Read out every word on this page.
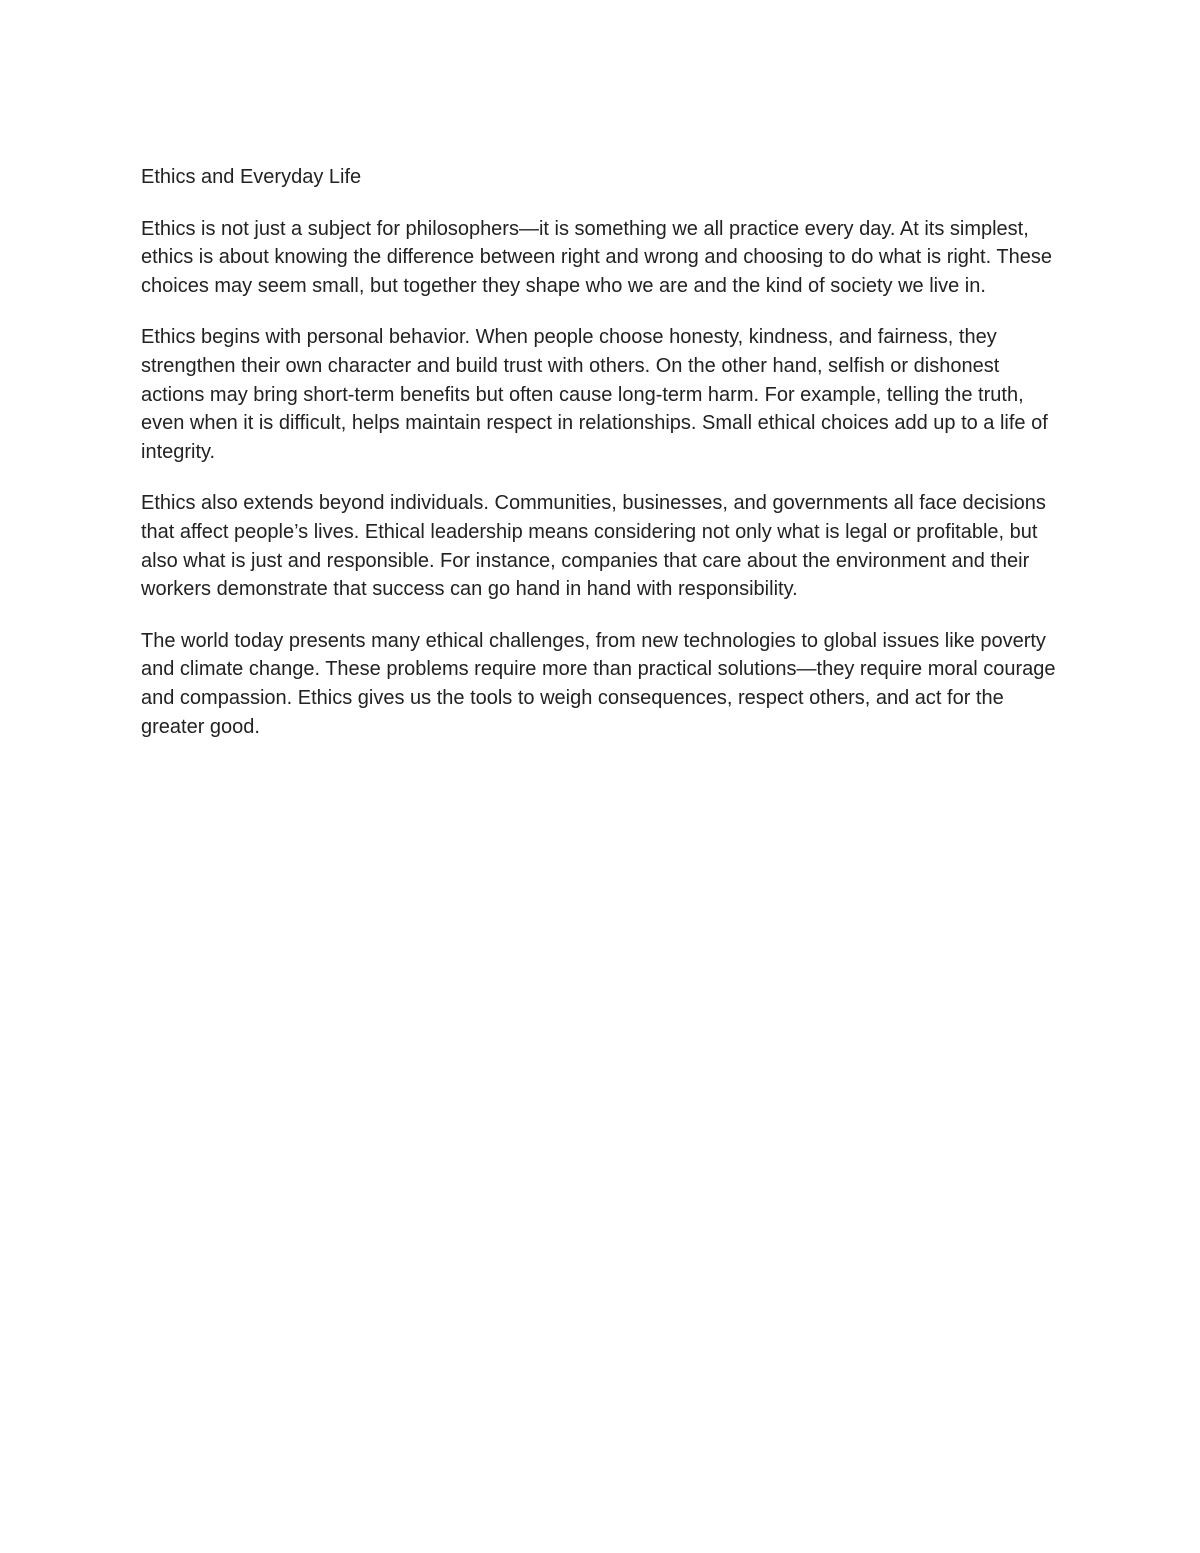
Ethics and Everyday Life

Ethics is not just a subject for philosophers—it is something we all practice every day. At its simplest, ethics is about knowing the difference between right and wrong and choosing to do what is right. These choices may seem small, but together they shape who we are and the kind of society we live in.

Ethics begins with personal behavior. When people choose honesty, kindness, and fairness, they strengthen their own character and build trust with others. On the other hand, selfish or dishonest actions may bring short-term benefits but often cause long-term harm. For example, telling the truth, even when it is difficult, helps maintain respect in relationships. Small ethical choices add up to a life of integrity.

Ethics also extends beyond individuals. Communities, businesses, and governments all face decisions that affect people’s lives. Ethical leadership means considering not only what is legal or profitable, but also what is just and responsible. For instance, companies that care about the environment and their workers demonstrate that success can go hand in hand with responsibility.

The world today presents many ethical challenges, from new technologies to global issues like poverty and climate change. These problems require more than practical solutions—they require moral courage and compassion. Ethics gives us the tools to weigh consequences, respect others, and act for the greater good.
